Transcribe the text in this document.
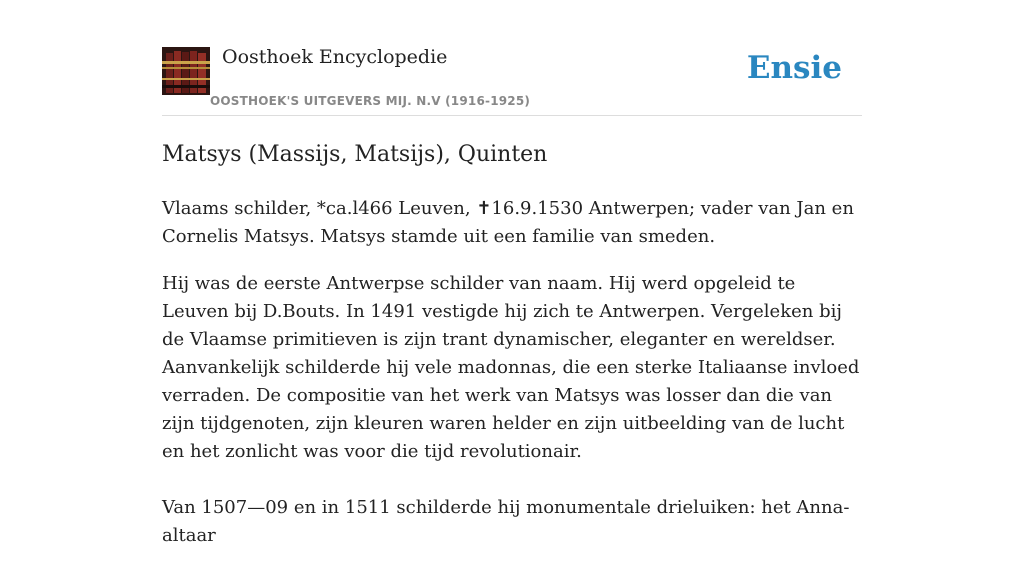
Oosthoek Encyclopedie
OOSTHOEK'S UITGEVERS MIJ. N.V (1916-1925)
Ensie
Matsys (Massijs, Matsijs), Quinten

Vlaams schilder, *ca.l466 Leuven, ✝16.9.1530 Antwerpen; vader van Jan en Cornelis Matsys. Matsys stamde uit een familie van smeden.

Hij was de eerste Antwerpse schilder van naam. Hij werd opgeleid te Leuven bij D.Bouts. In 1491 vestigde hij zich te Antwerpen. Vergeleken bij de Vlaamse primitieven is zijn trant dynamischer, eleganter en wereldser. Aanvankelijk schilderde hij vele madonnas, die een sterke Italiaanse invloed verraden. De compositie van het werk van Matsys was losser dan die van zijn tijdgenoten, zijn kleuren waren helder en zijn uitbeelding van de lucht en het zonlicht was voor die tijd revolutionair.

Van 1507—09 en in 1511 schilderde hij monumentale drieluiken: het Anna-altaar
